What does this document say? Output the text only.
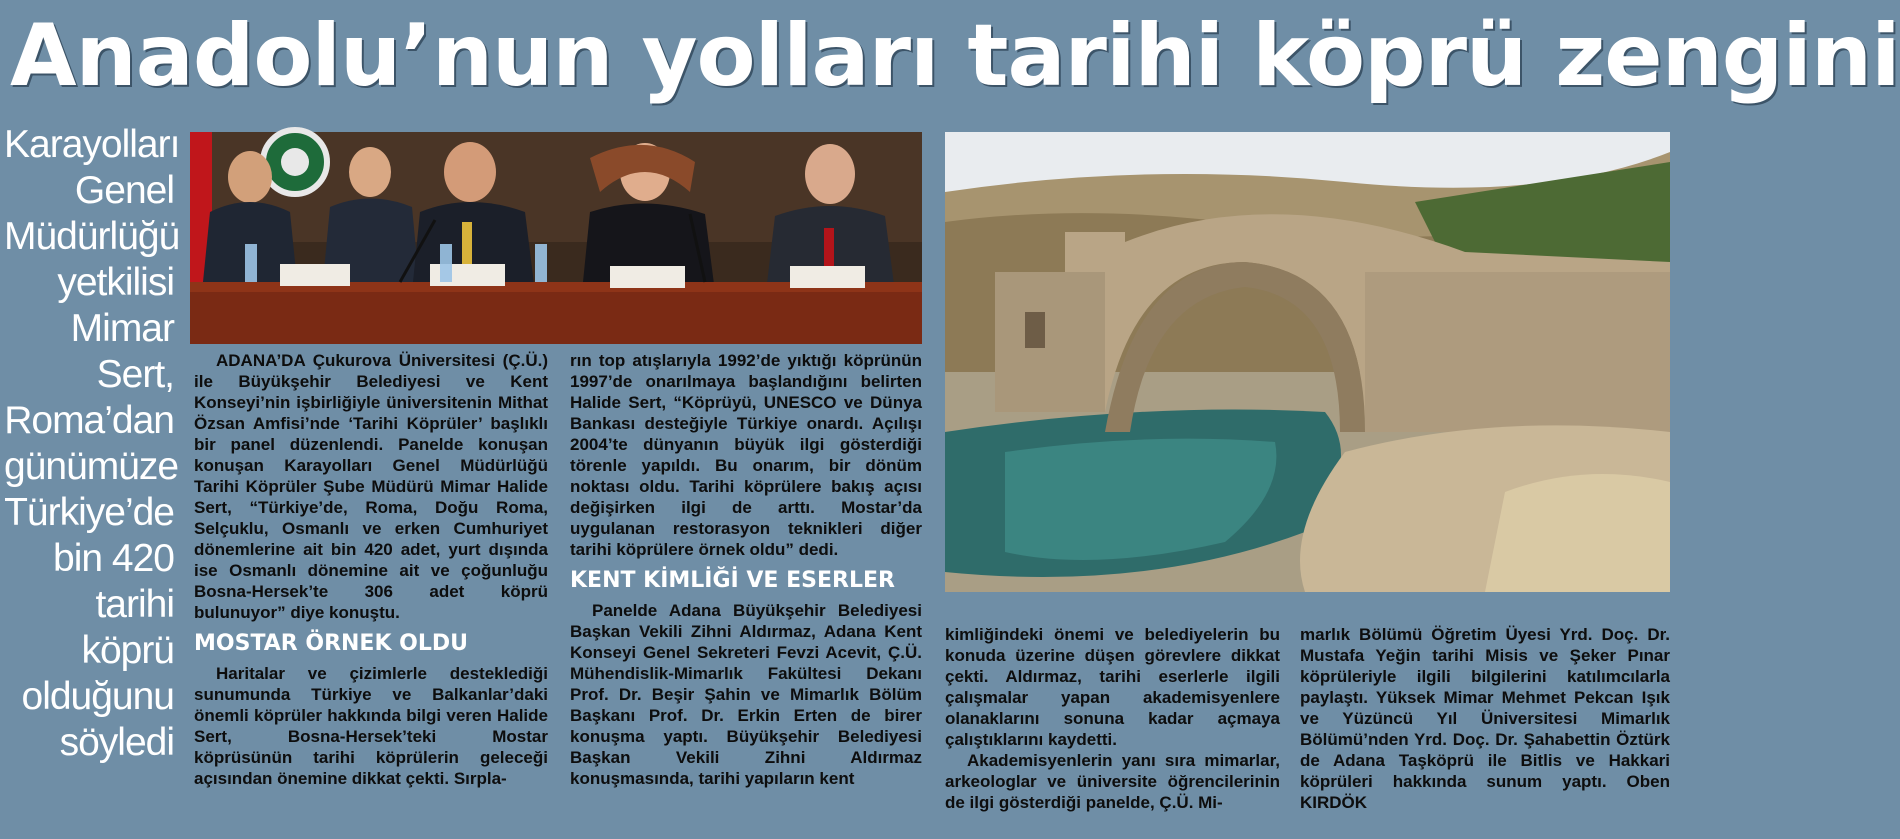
Anadolu’nun yolları tarihi köprü zengini
Karayolları Genel Müdürlüğü yetkilisi Mimar Sert, Roma’dan günümüze Türkiye’de bin 420 tarihi köprü olduğunu söyledi

ADANA’DA Çukurova Üniversitesi (Ç.Ü.) ile Büyükşehir Belediyesi ve Kent Konseyi’nin işbirliğiyle üniversitenin Mithat Özsan Amfisi’nde ‘Tarihi Köprüler’ başlıklı bir panel düzenlendi. Panelde konuşan konuşan Karayolları Genel Müdürlüğü Tarihi Köprüler Şube Müdürü Mimar Halide Sert, “Türkiye’de, Roma, Doğu Roma, Selçuklu, Osmanlı ve erken Cumhuriyet dönemlerine ait bin 420 adet, yurt dışında ise Osmanlı dönemine ait ve çoğunluğu Bosna-Hersek’te 306 adet köprü bulunuyor” diye konuştu.

MOSTAR ÖRNEK OLDU

Haritalar ve çizimlerle desteklediği sunumunda Türkiye ve Balkanlar’daki önemli köprüler hakkında bilgi veren Halide Sert, Bosna-Hersek’teki Mostar köprüsünün tarihi köprülerin geleceği açısından önemine dikkat çekti. Sırpla-

rın top atışlarıyla 1992’de yıktığı köprünün 1997’de onarılmaya başlandığını belirten Halide Sert, “Köprüyü, UNESCO ve Dünya Bankası desteğiyle Türkiye onardı. Açılışı 2004’te dünyanın büyük ilgi gösterdiği törenle yapıldı. Bu onarım, bir dönüm noktası oldu. Tarihi köprülere bakış açısı değişirken ilgi de arttı. Mostar’da uygulanan restorasyon teknikleri diğer tarihi köprülere örnek oldu” dedi.

KENT KİMLİĞİ VE ESERLER

Panelde Adana Büyükşehir Belediyesi Başkan Vekili Zihni Aldırmaz, Adana Kent Konseyi Genel Sekreteri Fevzi Acevit, Ç.Ü. Mühendislik-Mimarlık Fakültesi Dekanı Prof. Dr. Beşir Şahin ve Mimarlık Bölüm Başkanı Prof. Dr. Erkin Erten de birer konuşma yaptı. Büyükşehir Belediyesi Başkan Vekili Zihni Aldırmaz konuşmasında, tarihi yapıların kent

kimliğindeki önemi ve belediyelerin bu konuda üzerine düşen görevlere dikkat çekti. Aldırmaz, tarihi eserlerle ilgili çalışmalar yapan akademisyenlere olanaklarını sonuna kadar açmaya çalıştıklarını kaydetti.

Akademisyenlerin yanı sıra mimarlar, arkeologlar ve üniversite öğrencilerinin de ilgi gösterdiği panelde, Ç.Ü. Mi-

marlık Bölümü Öğretim Üyesi Yrd. Doç. Dr. Mustafa Yeğin tarihi Misis ve Şeker Pınar köprüleriyle ilgili bilgilerini katılımcılarla paylaştı. Yüksek Mimar Mehmet Pekcan Işık ve Yüzüncü Yıl Üniversitesi Mimarlık Bölümü’nden Yrd. Doç. Dr. Şahabettin Öztürk de Adana Taşköprü ile Bitlis ve Hakkari köprüleri hakkında sunum yaptı. Oben KIRDÖK
